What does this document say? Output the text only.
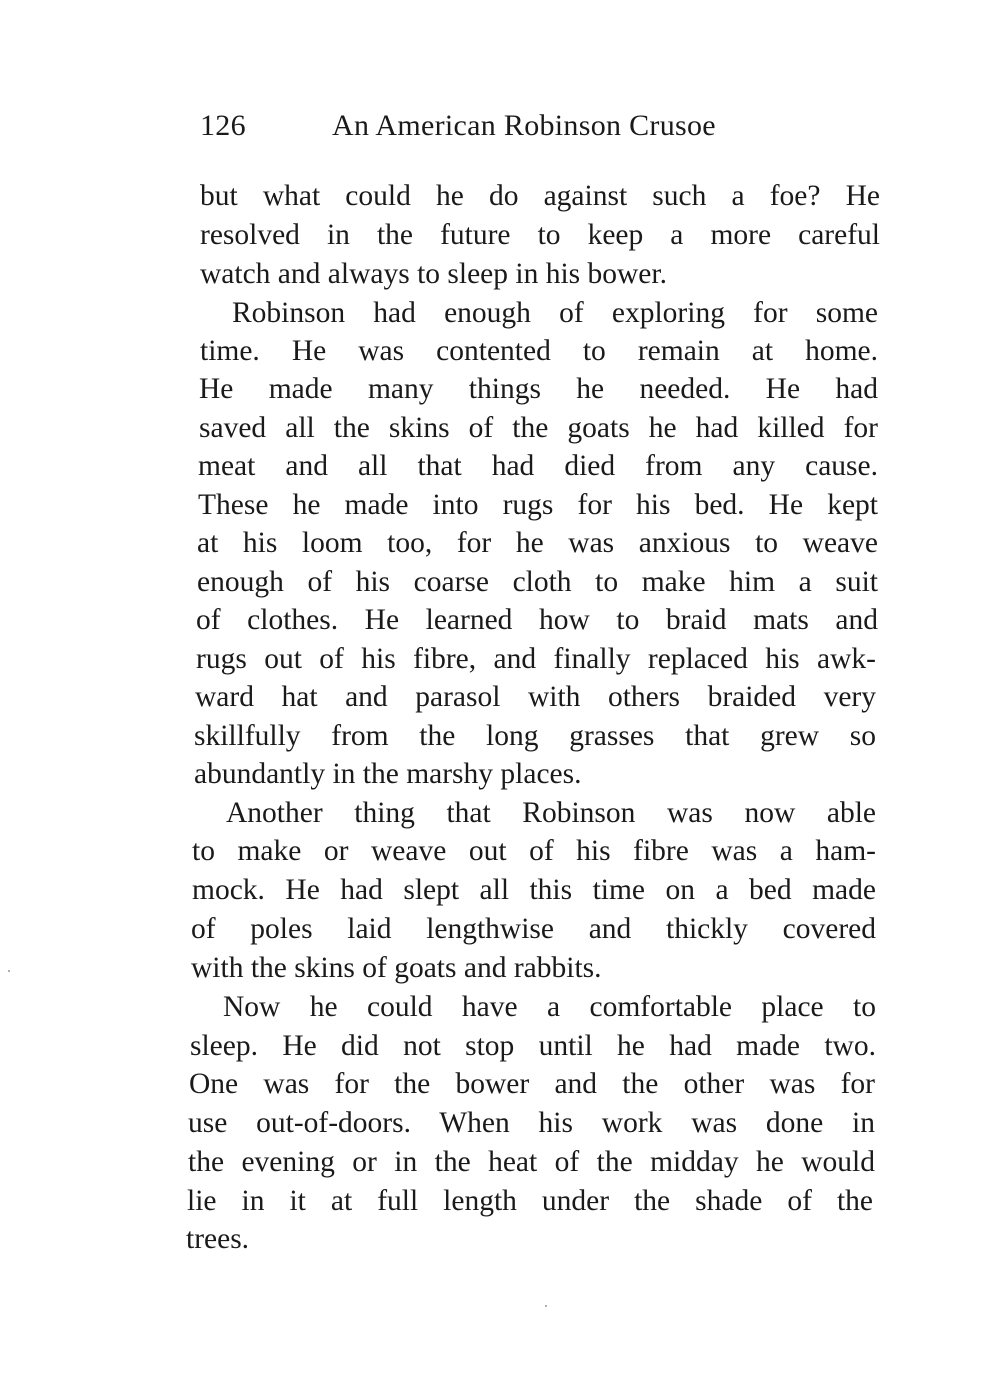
126	An American Robinson Crusoe
but what could he do against such a foe? He
resolved in the future to keep a more careful
watch and always to sleep in his bower.
Robinson had enough of exploring for some
time. He was contented to remain at home.
He made many things he needed. He had
saved all the skins of the goats he had killed for
meat and all that had died from any cause.
These he made into rugs for his bed. He kept
at his loom too, for he was anxious to weave
enough of his coarse cloth to make him a suit
of clothes. He learned how to braid mats and
rugs out of his fibre, and finally replaced his awk-
ward hat and parasol with others braided very
skillfully from the long grasses that grew so
abundantly in the marshy places.
Another thing that Robinson was now able
to make or weave out of his fibre was a ham-
mock. He had slept all this time on a bed made
of poles laid lengthwise and thickly covered
with the skins of goats and rabbits.
Now he could have a comfortable place to
sleep. He did not stop until he had made two.
One was for the bower and the other was for
use out-of-doors. When his work was done in
the evening or in the heat of the midday he would
lie in it at full length under the shade of the
trees.
